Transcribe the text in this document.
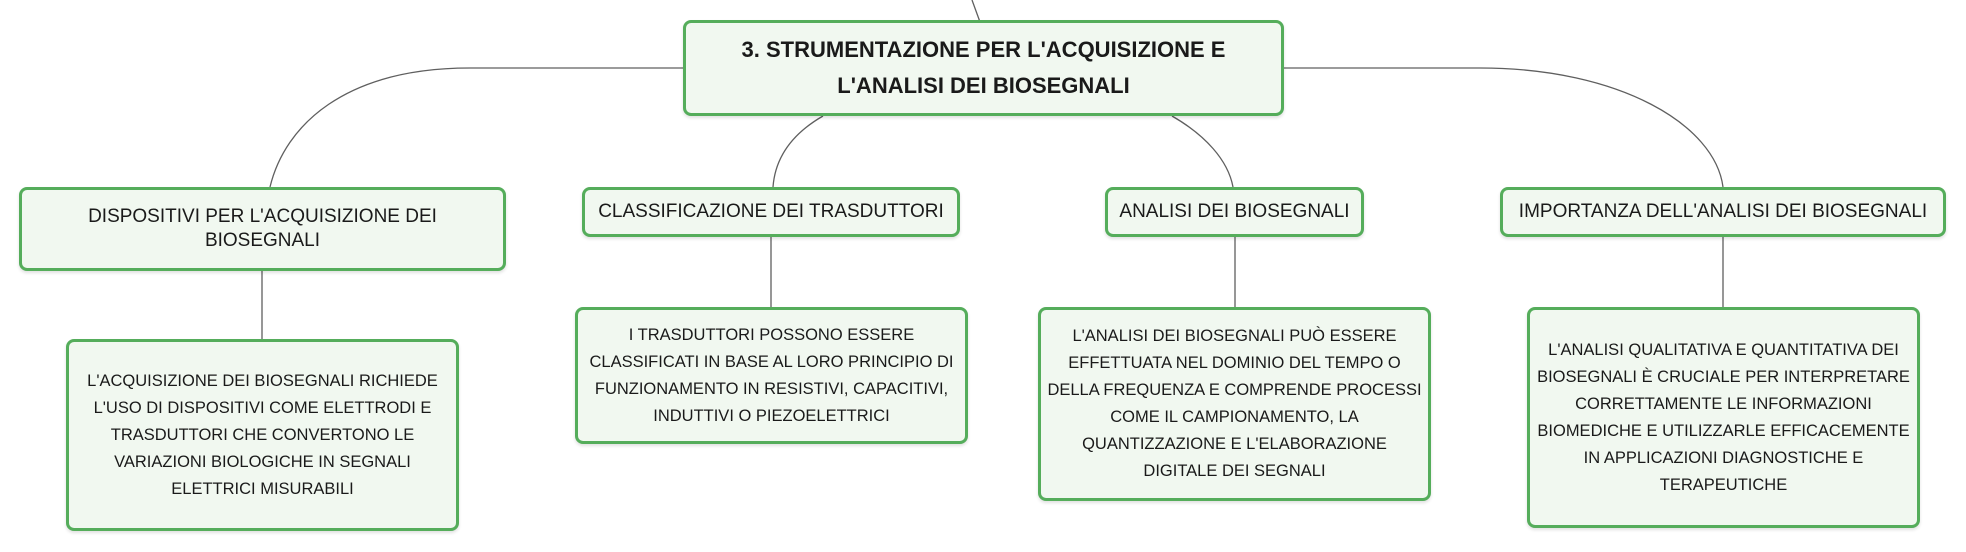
3. STRUMENTAZIONE PER L'ACQUISIZIONE E L'ANALISI DEI BIOSEGNALI
DISPOSITIVI PER L'ACQUISIZIONE DEI BIOSEGNALI
L'ACQUISIZIONE DEI BIOSEGNALI RICHIEDE L'USO DI DISPOSITIVI COME ELETTRODI E TRASDUTTORI CHE CONVERTONO LE VARIAZIONI BIOLOGICHE IN SEGNALI ELETTRICI MISURABILI
CLASSIFICAZIONE DEI TRASDUTTORI
I TRASDUTTORI POSSONO ESSERE CLASSIFICATI IN BASE AL LORO PRINCIPIO DI FUNZIONAMENTO IN RESISTIVI, CAPACITIVI, INDUTTIVI O PIEZOELETTRICI
ANALISI DEI BIOSEGNALI
L'ANALISI DEI BIOSEGNALI PUÒ ESSERE EFFETTUATA NEL DOMINIO DEL TEMPO O DELLA FREQUENZA E COMPRENDE PROCESSI COME IL CAMPIONAMENTO, LA QUANTIZZAZIONE E L'ELABORAZIONE DIGITALE DEI SEGNALI
IMPORTANZA DELL'ANALISI DEI BIOSEGNALI
L'ANALISI QUALITATIVA E QUANTITATIVA DEI BIOSEGNALI È CRUCIALE PER INTERPRETARE CORRETTAMENTE LE INFORMAZIONI BIOMEDICHE E UTILIZZARLE EFFICACEMENTE IN APPLICAZIONI DIAGNOSTICHE E TERAPEUTICHE
